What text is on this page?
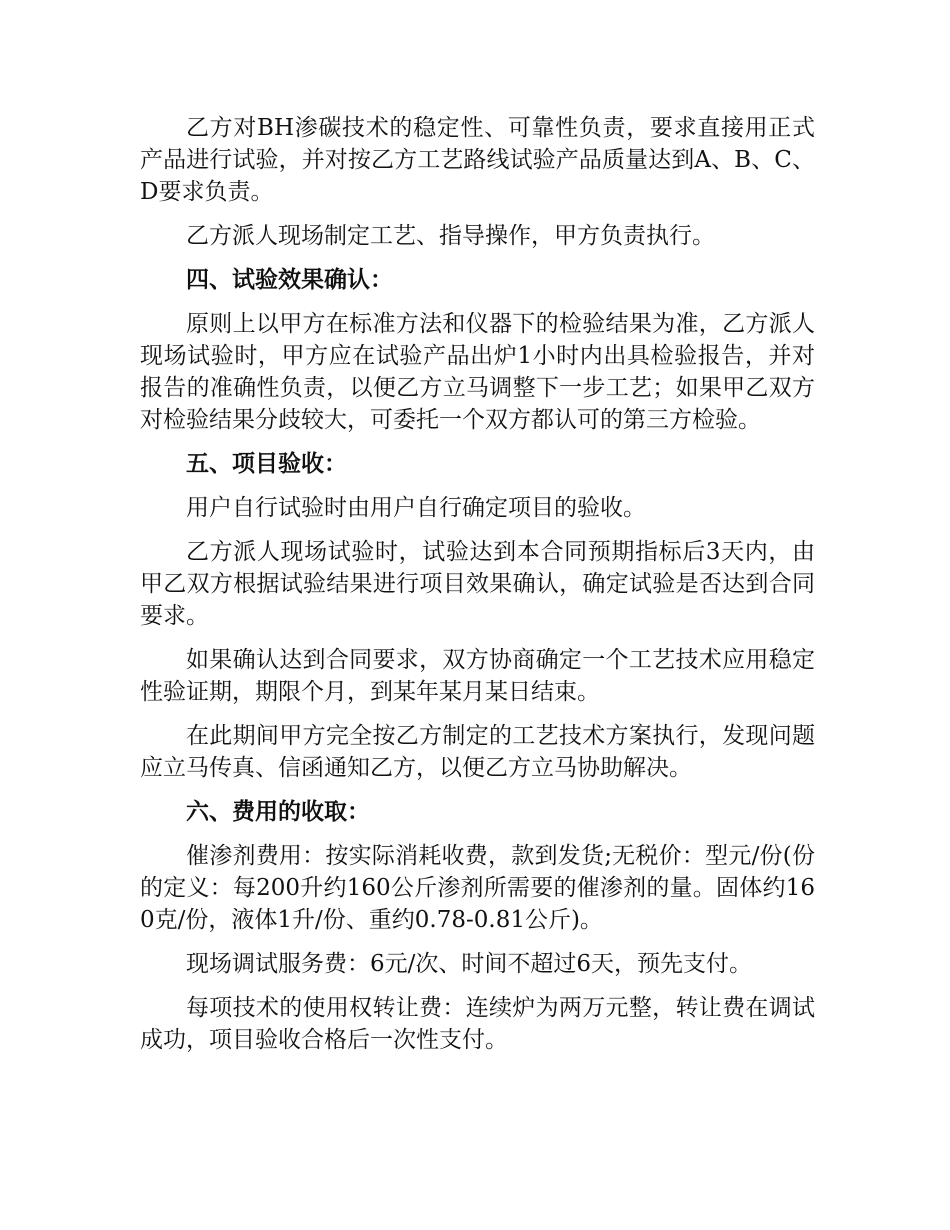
乙方对BH渗碳技术的稳定性、可靠性负责，要求直接用正式产品进行试验，并对按乙方工艺路线试验产品质量达到A、B、C、D要求负责。

乙方派人现场制定工艺、指导操作，甲方负责执行。

四、试验效果确认：

原则上以甲方在标准方法和仪器下的检验结果为准，乙方派人现场试验时，甲方应在试验产品出炉1小时内出具检验报告，并对报告的准确性负责，以便乙方立马调整下一步工艺；如果甲乙双方对检验结果分歧较大，可委托一个双方都认可的第三方检验。

五、项目验收：

用户自行试验时由用户自行确定项目的验收。

乙方派人现场试验时，试验达到本合同预期指标后3天内，由甲乙双方根据试验结果进行项目效果确认，确定试验是否达到合同要求。

如果确认达到合同要求，双方协商确定一个工艺技术应用稳定性验证期，期限个月，到某年某月某日结束。

在此期间甲方完全按乙方制定的工艺技术方案执行，发现问题应立马传真、信函通知乙方，以便乙方立马协助解决。

六、费用的收取：

催渗剂费用：按实际消耗收费，款到发货;无税价：型元/份(份的定义：每200升约160公斤渗剂所需要的催渗剂的量。固体约160克/份，液体1升/份、重约0.78-0.81公斤)。

现场调试服务费：6元/次、时间不超过6天，预先支付。

每项技术的使用权转让费：连续炉为两万元整，转让费在调试成功，项目验收合格后一次性支付。
